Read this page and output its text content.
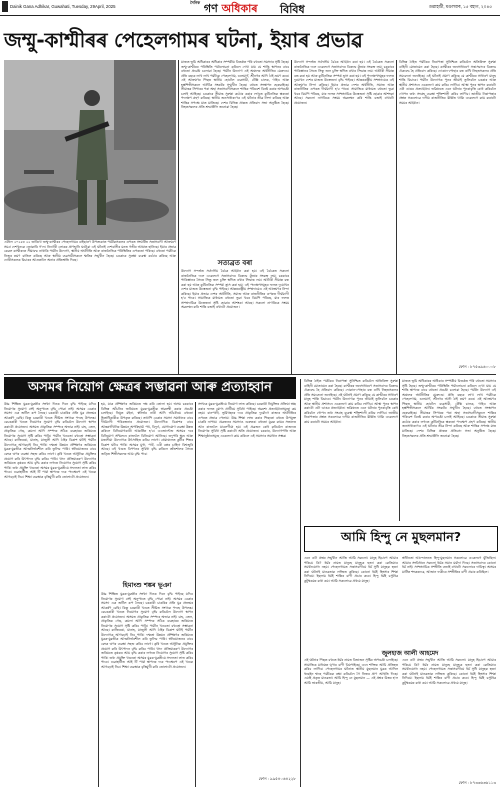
Dainik Gana Adhikar, Guwahati, Tuesday, 29April, 2025
$^{দৈনিক}$ গণ অধিকাৰ বিবিধ	গুৱাহাটী, মঙলবাৰ, ১৫ বহাগ, ২০৪৫
জম্মু-কাশ্মীৰৰ পেহেলগামৰ ঘটনা, ইয়াৰ প্ৰভাৱ
এপ্ৰিল ২০২৫ৰ ২২ তাৰিখে জম্মু-কাশ্মীৰৰ পেহেলগামৰ বাইছাৰণ উপত্যকাত পৰ্যটকসকলৰ ওপৰত সংঘটিত সন্ত্ৰাসবাদী আক্ৰমণে সমগ্ৰ দেশখনকে জোকাৰি গ'ল। নিৰ্দোষী লোকৰ প্ৰাণহানি ঘটোৱা এই ঘটনাই দেশবাসীৰ মনত গভীৰ আঘাত হানিছে। ইয়াৰ প্ৰভাৱ কেৱল কাশ্মীৰতে সীমাবদ্ধ নাথাকি পৰ্যটন উদ্যোগ, স্থানীয় অৰ্থনীতি আৰু ৰাজনৈতিক পৰিস্থিতিৰ ওপৰতো পৰিছে। বহুতো পৰ্যটকে নিজৰ ভ্ৰমণ বাতিল কৰিছে আৰু স্থানীয় ব্যৱসায়ীসকলে ক্ষতিৰ সন্মুখীন হৈছে। চৰকাৰে সুৰক্ষা ব্যৱস্থা কঠোৰ কৰিছে আৰু দোষীসকলক বিচাৰৰ আওতালৈ অনাৰ প্ৰতিশ্ৰুতি দিছে।
মাজত ভূমি অধিকাৰৰ অধিকাৰ সম্পৰ্কীয় বিতৰ্কত পৰি বহুতো সমস্যাৰ সৃষ্টি হৈছে। জম্মু-কাশ্মীৰৰ পৰিস্থিতি পৰ্যালোচনা কৰিলে দেখা যায় যে শান্তি স্থাপনৰ বাবে বহুতো প্ৰচেষ্টা চলোৱা হৈছে। পৰ্যটন উদ্যোগ এই অঞ্চলৰ অৰ্থনীতিৰ মেৰুদণ্ড। প্ৰতি বছৰে লাখ লাখ পৰ্যটকে পেহেলগাম, গুলমাৰ্গ, শ্ৰীনগৰ আদি ঠাই ভ্ৰমণ কৰে। এই আক্ৰমণৰ পিছত স্থানীয় হোটেল ব্যৱসায়ী, টেক্সি চালক, গাইড আৰু হস্তশিল্পীসকলে আৰ্থিক সংকটৰ সন্মুখীন হৈছে। বহুতে সংস্থাপন হেৰুৱাইছে। সীমান্তৰ সিপাৰৰ পৰা অহা সন্ত্ৰাসবাদীসকলে শান্তিৰ পৰিবেশ বিনষ্ট কৰাৰ অপচেষ্টা চলাই আহিছে। চৰকাৰে সীমান্ত সুৰক্ষা কঠোৰ কৰাৰ লগতে কূটনৈতিক স্তৰতো পদক্ষেপ গ্ৰহণ কৰিছে। স্থানীয় জনসাধাৰণেও এই ঘটনাৰ তীব্ৰ নিন্দা কৰিছে আৰু শান্তিৰ সপক্ষে মাত মাতিছে। দেশৰ বিভিন্ন প্ৰান্তত প্ৰতিবাদ সভা অনুষ্ঠিত হৈছে। নিহতসকলৰ প্ৰতি শ্ৰদ্ধাঞ্জলি জনোৱা হৈছে।
সত্যব্ৰত বৰা
উদ্যোগ সন্দৰ্ভত সৰ্বদলীয় বৈঠক আহ্বান কৰা হয়। এই বৈঠকত সকলো ৰাজনৈতিক দলে একেলগে সন্ত্ৰাসবাদৰ বিৰুদ্ধে যুঁজাৰ সংকল্প লয়। চৰকাৰে পাকিস্তানৰ সৈতে সিন্ধু জল চুক্তি স্থগিত ৰখাৰ সিদ্ধান্ত লয়। আটাৰী সীমান্ত বন্ধ কৰা হয় আৰু কূটনৈতিক সম্পৰ্ক হ্ৰাস কৰা হয়। এই পদক্ষেপসমূহৰ ফলত দুয়োখন দেশৰ মাজত উত্তেজনা বৃদ্ধি পাইছে। আন্তঃৰাষ্ট্ৰীয় সম্প্ৰদায়েও এই আক্ৰমণৰ নিন্দা কৰিছে। ইয়াৰ প্ৰভাৱ দেশৰ অৰ্থনীতি, সমাজ আৰু ৰাজনীতিৰ ওপৰত দীৰ্ঘম্যাদী হ'ব পাৰে। সামাজিক মাধ্যমত বহুতো ভুৱা খবৰ বিয়পি পৰিছে, যাৰ ফলত সাম্প্ৰদায়িক উত্তেজনা সৃষ্টি হোৱাৰ আশংকা আছে। সকলো নাগৰিকে সংযম অৱলম্বন কৰি শান্তি বজাই ৰখাটো প্ৰয়োজন।
উদ্যোগ সন্দৰ্ভত সৰ্বদলীয় বৈঠক আহ্বান কৰা হয়। এই বৈঠকত সকলো ৰাজনৈতিক দলে একেলগে সন্ত্ৰাসবাদৰ বিৰুদ্ধে যুঁজাৰ সংকল্প লয়। চৰকাৰে পাকিস্তানৰ সৈতে সিন্ধু জল চুক্তি স্থগিত ৰখাৰ সিদ্ধান্ত লয়। আটাৰী সীমান্ত বন্ধ কৰা হয় আৰু কূটনৈতিক সম্পৰ্ক হ্ৰাস কৰা হয়। এই পদক্ষেপসমূহৰ ফলত দুয়োখন দেশৰ মাজত উত্তেজনা বৃদ্ধি পাইছে। আন্তঃৰাষ্ট্ৰীয় সম্প্ৰদায়েও এই আক্ৰমণৰ নিন্দা কৰিছে। ইয়াৰ প্ৰভাৱ দেশৰ অৰ্থনীতি, সমাজ আৰু ৰাজনীতিৰ ওপৰত দীৰ্ঘম্যাদী হ'ব পাৰে। সামাজিক মাধ্যমত বহুতো ভুৱা খবৰ বিয়পি পৰিছে, যাৰ ফলত সাম্প্ৰদায়িক উত্তেজনা সৃষ্টি হোৱাৰ আশংকা আছে। সকলো নাগৰিকে সংযম অৱলম্বন কৰি শান্তি বজাই ৰখাটো প্ৰয়োজন।
বিভিন্ন ঠাইত পৰ্যটকৰ নিৰাপত্তা সুনিশ্চিত কৰিবলৈ অতিৰিক্ত সুৰক্ষা বাহিনী মোতায়েন কৰা হৈছে। কাশ্মীৰৰ জনসাধাৰণে সন্ত্ৰাসবাদৰ বিৰুদ্ধে ঐক্যবদ্ধ হৈ প্ৰতিবাদ কৰিছে। দোকান-পোহাৰ বন্ধ ৰাখি নিহতসকলৰ প্ৰতি সমবেদনা জনাইছে। এই ঘটনাই প্ৰমাণ কৰিছে যে কাশ্মীৰৰ সাধাৰণ মানুহ শান্তি বিচাৰে। পৰ্যটন উদ্যোগক পুনৰ জীয়াই তুলিবলৈ চৰকাৰ আৰু স্থানীয় প্ৰশাসনে একেলগে কাম কৰিব লাগিব। আস্থা পুনৰ স্থাপন কৰাটো এটা ডাঙৰ প্ৰত্যাহ্বান। ভৱিষ্যতে এনে ঘটনাৰ পুনৰাবৃত্তি ৰোধ কৰিবলৈ গোপন তথ্য সংগ্ৰহ ব্যৱস্থা শক্তিশালী কৰিব লাগিব। জাতীয় নিৰাপত্তাৰ প্ৰশ্নত সকলোৱে দলীয় ৰাজনীতিৰ ঊৰ্ধ্বত থাকি একেলগে কাম কৰাটো সময়ৰ আহ্বান।
ফোন : ৮৭৫৩৯৬০০০৮
অসমৰ নিয়োগ ক্ষেত্ৰৰ সম্ভাৱনা আৰু প্ৰত্যাহ্বান
উচ্চ শিক্ষিত যুৱক-যুৱতীৰ সংখ্যা দিনক দিনে বৃদ্ধি পাইছে যদিও নিয়োগৰ সুযোগ সেই অনুপাতে বৃদ্ধি পোৱা নাই। অসমৰ বেকাৰ সমস্যা এক জটিল ৰূপ লৈছে। চৰকাৰী চাকৰিৰ প্ৰতি যুৱ প্ৰজন্মৰ আকৰ্ষণ বেছি। কিন্তু চৰকাৰী খণ্ডত সীমিত সংখ্যক পদহে উপলব্ধ। বেচৰকাৰী খণ্ডত নিয়োগৰ সুযোগ বৃদ্ধি কৰিবলৈ উদ্যোগ স্থাপন কৰাটো প্ৰয়োজন। অসমত প্ৰাকৃতিক সম্পদৰ অভাৱ নাই। চাহ, তেল, প্ৰাকৃতিক গেছ, কয়লা আদি সম্পদৰ সঠিক ব্যৱহাৰৰ জৰিয়তে নিয়োগৰ সুযোগ সৃষ্টি কৰিব পাৰি। পৰ্যটন খণ্ডতো বহুতো সম্ভাৱনা আছে। কাজিৰঙা, মানাহ, মাজুলী আদি ঠাইৰ বিকাশ ঘটাই পৰ্যটন উদ্যোগক আগবঢ়াই নিব পাৰি। দক্ষতা উন্নয়ন প্ৰশিক্ষণৰ জৰিয়তে যুৱক-যুৱতীক আত্মনিৰ্ভৰশীল কৰি তুলিব পাৰি। স্বনিয়োজনৰ বাবে বেংক ঋণৰ ব্যৱস্থা সহজ কৰিব লাগে। কৃষি খণ্ডত আধুনিক প্ৰযুক্তিৰ প্ৰয়োগ কৰি উৎপাদন বৃদ্ধি কৰিব পাৰি। খাদ্য প্ৰক্ৰিয়াকৰণ উদ্যোগৰ জৰিয়তে কৃষকৰ আয় বৃদ্ধি কৰাৰ লগতে নিয়োগৰ সুযোগ সৃষ্টি কৰিব পাৰি। তথ্য প্ৰযুক্তি খণ্ডতো অসমৰ যুৱক-যুৱতীয়ে সফলতা লাভ কৰিব পাৰে। গুৱাহাটীত আই টি পাৰ্ক স্থাপনৰ দৰে পদক্ষেপে এই খণ্ডক আগবঢ়াই নিব। শিক্ষা ব্যৱস্থাক বৃত্তিমুখী কৰি তোলাটো প্ৰয়োজন।
হয়, যাক প্ৰশিক্ষণৰ জৰিয়তে দক্ষ কৰি তোলা হয়। অসম চৰকাৰে বিভিন্ন আঁচনিৰ জৰিয়তে যুৱক-যুৱতীক স্বাৱলম্বী কৰাৰ প্ৰচেষ্টা চলাইছে। নিযুত মইনা, স্বনিৰ্ভৰ নাৰী আদি আঁচনিয়ে বহুতো হিতাধিকাৰীক উপকৃত কৰিছে। তথাপি বেকাৰ সমস্যা সমাধানৰ বাবে দীৰ্ঘম্যাদী পৰিকল্পনাৰ প্ৰয়োজন। উদ্যোগিক বিকাশৰ বাবে আন্তঃগাঁথনিৰ উন্নয়ন অপৰিহাৰ্য। পথ, বিদ্যুৎ, যোগাযোগ ব্যৱস্থা উন্নত কৰিলে বিনিয়োগকাৰী আকৰ্ষিত হ'ব। এডভান্টেজ অসমৰ দৰে বিনিয়োগ সন্মিলনে ৰাজ্যলৈ বিনিয়োগ আনিছে। তদুপৰি ক্ষুদ্ৰ আৰু মজলীয়া উদ্যোগক উৎসাহিত কৰিব লাগে। গ্ৰামাঞ্চলত কুটীৰ শিল্পৰ বিকাশ ঘটাব পাৰি। অসমৰ মুগা, পাট, এৰী বস্ত্ৰৰ চাহিদা বিশ্বজুৰি আছে। এই খণ্ডত বিপণনৰ সুবিধা বৃদ্ধি কৰিলে তাঁতশালৰ সৈতে জড়িত শিল্পীসকলৰ আয় বৃদ্ধি পাব।
হিমাংশু শঙ্কৰ ভূঞা
উচ্চ শিক্ষিত যুৱক-যুৱতীৰ সংখ্যা দিনক দিনে বৃদ্ধি পাইছে যদিও নিয়োগৰ সুযোগ সেই অনুপাতে বৃদ্ধি পোৱা নাই। অসমৰ বেকাৰ সমস্যা এক জটিল ৰূপ লৈছে। চৰকাৰী চাকৰিৰ প্ৰতি যুৱ প্ৰজন্মৰ আকৰ্ষণ বেছি। কিন্তু চৰকাৰী খণ্ডত সীমিত সংখ্যক পদহে উপলব্ধ। বেচৰকাৰী খণ্ডত নিয়োগৰ সুযোগ বৃদ্ধি কৰিবলৈ উদ্যোগ স্থাপন কৰাটো প্ৰয়োজন। অসমত প্ৰাকৃতিক সম্পদৰ অভাৱ নাই। চাহ, তেল, প্ৰাকৃতিক গেছ, কয়লা আদি সম্পদৰ সঠিক ব্যৱহাৰৰ জৰিয়তে নিয়োগৰ সুযোগ সৃষ্টি কৰিব পাৰি। পৰ্যটন খণ্ডতো বহুতো সম্ভাৱনা আছে। কাজিৰঙা, মানাহ, মাজুলী আদি ঠাইৰ বিকাশ ঘটাই পৰ্যটন উদ্যোগক আগবঢ়াই নিব পাৰি। দক্ষতা উন্নয়ন প্ৰশিক্ষণৰ জৰিয়তে যুৱক-যুৱতীক আত্মনিৰ্ভৰশীল কৰি তুলিব পাৰি। স্বনিয়োজনৰ বাবে বেংক ঋণৰ ব্যৱস্থা সহজ কৰিব লাগে। কৃষি খণ্ডত আধুনিক প্ৰযুক্তিৰ প্ৰয়োগ কৰি উৎপাদন বৃদ্ধি কৰিব পাৰি। খাদ্য প্ৰক্ৰিয়াকৰণ উদ্যোগৰ জৰিয়তে কৃষকৰ আয় বৃদ্ধি কৰাৰ লগতে নিয়োগৰ সুযোগ সৃষ্টি কৰিব পাৰি। তথ্য প্ৰযুক্তি খণ্ডতো অসমৰ যুৱক-যুৱতীয়ে সফলতা লাভ কৰিব পাৰে। গুৱাহাটীত আই টি পাৰ্ক স্থাপনৰ দৰে পদক্ষেপে এই খণ্ডক আগবঢ়াই নিব। শিক্ষা ব্যৱস্থাক বৃত্তিমুখী কৰি তোলাটো প্ৰয়োজন।
সংখ্যক যুৱক-যুৱতীয়ে নিয়োগ লাভ কৰিছে। চৰকাৰী নিযুক্তিৰ প্ৰক্ৰিয়া স্বচ্ছ কৰাৰ ফলত যোগ্য প্ৰাৰ্থীয়ে সুবিধা পাইছে। অৱশ্যে প্ৰত্যাহ্বানসমূহো কম নহয়। বানপানী, ভূমিখহনৰ দৰে প্ৰাকৃতিক দুৰ্যোগে ৰাজ্যৰ অৰ্থনীতিৰ ওপৰত প্ৰভাৱ পেলায়। উচ্চ শিক্ষা লাভ কৰাৰ পিছতো বহুতে উপযুক্ত চাকৰি নাপায়। প্ৰব্ৰজনৰ সমস্যাও গুৰুতৰ। বহুতো যুৱক কামৰ সন্ধানত আন ৰাজ্যলৈ যাবলগীয়া হয়। এই প্ৰব্ৰজন ৰোধ কৰিবলৈ ৰাজ্যতে নিয়োগৰ সুবিধা সৃষ্টি কৰাটো অতি প্ৰয়োজন। চৰকাৰ, উদ্যোগপতি আৰু শিক্ষানুষ্ঠানসমূহে একেলগে কাম কৰিলে এই সমস্যাৰ সমাধান সম্ভৱ।
ফোন : ৯৯৫৪০৬৪২২৮
বিভিন্ন ঠাইত পৰ্যটকৰ নিৰাপত্তা সুনিশ্চিত কৰিবলৈ অতিৰিক্ত সুৰক্ষা বাহিনী মোতায়েন কৰা হৈছে। কাশ্মীৰৰ জনসাধাৰণে সন্ত্ৰাসবাদৰ বিৰুদ্ধে ঐক্যবদ্ধ হৈ প্ৰতিবাদ কৰিছে। দোকান-পোহাৰ বন্ধ ৰাখি নিহতসকলৰ প্ৰতি সমবেদনা জনাইছে। এই ঘটনাই প্ৰমাণ কৰিছে যে কাশ্মীৰৰ সাধাৰণ মানুহ শান্তি বিচাৰে। পৰ্যটন উদ্যোগক পুনৰ জীয়াই তুলিবলৈ চৰকাৰ আৰু স্থানীয় প্ৰশাসনে একেলগে কাম কৰিব লাগিব। আস্থা পুনৰ স্থাপন কৰাটো এটা ডাঙৰ প্ৰত্যাহ্বান। ভৱিষ্যতে এনে ঘটনাৰ পুনৰাবৃত্তি ৰোধ কৰিবলৈ গোপন তথ্য সংগ্ৰহ ব্যৱস্থা শক্তিশালী কৰিব লাগিব। জাতীয় নিৰাপত্তাৰ প্ৰশ্নত সকলোৱে দলীয় ৰাজনীতিৰ ঊৰ্ধ্বত থাকি একেলগে কাম কৰাটো সময়ৰ আহ্বান।
মাজত ভূমি অধিকাৰৰ অধিকাৰ সম্পৰ্কীয় বিতৰ্কত পৰি বহুতো সমস্যাৰ সৃষ্টি হৈছে। জম্মু-কাশ্মীৰৰ পৰিস্থিতি পৰ্যালোচনা কৰিলে দেখা যায় যে শান্তি স্থাপনৰ বাবে বহুতো প্ৰচেষ্টা চলোৱা হৈছে। পৰ্যটন উদ্যোগ এই অঞ্চলৰ অৰ্থনীতিৰ মেৰুদণ্ড। প্ৰতি বছৰে লাখ লাখ পৰ্যটকে পেহেলগাম, গুলমাৰ্গ, শ্ৰীনগৰ আদি ঠাই ভ্ৰমণ কৰে। এই আক্ৰমণৰ পিছত স্থানীয় হোটেল ব্যৱসায়ী, টেক্সি চালক, গাইড আৰু হস্তশিল্পীসকলে আৰ্থিক সংকটৰ সন্মুখীন হৈছে। বহুতে সংস্থাপন হেৰুৱাইছে। সীমান্তৰ সিপাৰৰ পৰা অহা সন্ত্ৰাসবাদীসকলে শান্তিৰ পৰিবেশ বিনষ্ট কৰাৰ অপচেষ্টা চলাই আহিছে। চৰকাৰে সীমান্ত সুৰক্ষা কঠোৰ কৰাৰ লগতে কূটনৈতিক স্তৰতো পদক্ষেপ গ্ৰহণ কৰিছে। স্থানীয় জনসাধাৰণেও এই ঘটনাৰ তীব্ৰ নিন্দা কৰিছে আৰু শান্তিৰ সপক্ষে মাত মাতিছে। দেশৰ বিভিন্ন প্ৰান্তত প্ৰতিবাদ সভা অনুষ্ঠিত হৈছে। নিহতসকলৰ প্ৰতি শ্ৰদ্ধাঞ্জলি জনোৱা হৈছে।
আমি হিন্দু নে মুছলমান?
এনে এটা প্ৰশ্নৰ সন্মুখীন আজি আমি সকলো। মানুহ হিচাপে আমাৰ পৰিচয় কি? ধৰ্মৰ নামত মানুহে মানুহক হত্যা কৰা কেতিয়াও সমৰ্থনযোগ্য নহয়। পেহেলগামত সন্ত্ৰাসবাদীয়ে ধৰ্ম সুধি মানুহক হত্যা কৰা ঘটনাই মানৱতাক লজ্জিত কৰিছে। কোনো ধৰ্মই হিংসাৰ শিক্ষা নিদিয়ে। ইছলাম ধৰ্মই শান্তিৰ বাণী প্ৰচাৰ কৰে। হিন্দু ধৰ্মই বসুধৈৱ কুটুম্বকমৰ কথা কয়। আমি সকলোৱে প্ৰথমে মানুহ।
স্বাধীনতা আন্দোলনত হিন্দু-মুছলমান সকলোৱে একেলগে যুঁজিছিল। আমাৰ সংবিধানে সকলো ধৰ্মক সমান মৰ্যাদা দিছে। সন্ত্ৰাসবাদৰ কোনো ধৰ্ম নাই। সাম্প্ৰদায়িক সম্প্ৰীতি বজাই ৰখাটো সকলোৰে দায়িত্ব। অসমৰ মাটিত শংকৰদেৱ, আজান ফকীৰে সম্প্ৰীতিৰ বাণী প্ৰচাৰ কৰিছিল।
জুলহাজ আলী আহমেদ
এই ঘটনাৰ পিছত বহুতে ধৰ্মৰ নামত বিভাজন সৃষ্টিৰ অপচেষ্টা চলাইছে। সামাজিক মাধ্যমত ঘৃণাৰ বাণী বিয়পাইছে। এনে শক্তিক আমি প্ৰতিহত কৰিব লাগিব। পেহেলগামৰ ঘটনাত স্থানীয় মুছলমান যুৱক আদিল হুছেইন শ্বাহে পৰ্যটকক ৰক্ষা কৰিবলৈ গৈ নিজৰ প্ৰাণ আহুতি দিছে। এয়াই প্ৰকৃত মানৱতা। আমি হিন্দু নে মুছলমান — এই প্ৰশ্নৰ উত্তৰ হ'ল আমি ভাৰতীয়, আমি মানুহ।
এনে এটা প্ৰশ্নৰ সন্মুখীন আজি আমি সকলো। মানুহ হিচাপে আমাৰ পৰিচয় কি? ধৰ্মৰ নামত মানুহে মানুহক হত্যা কৰা কেতিয়াও সমৰ্থনযোগ্য নহয়। পেহেলগামত সন্ত্ৰাসবাদীয়ে ধৰ্ম সুধি মানুহক হত্যা কৰা ঘটনাই মানৱতাক লজ্জিত কৰিছে। কোনো ধৰ্মই হিংসাৰ শিক্ষা নিদিয়ে। ইছলাম ধৰ্মই শান্তিৰ বাণী প্ৰচাৰ কৰে। হিন্দু ধৰ্মই বসুধৈৱ কুটুম্বকমৰ কথা কয়। আমি সকলোৱে প্ৰথমে মানুহ।
ফোন : ৮৭৩৩৬৩৬১১৩
